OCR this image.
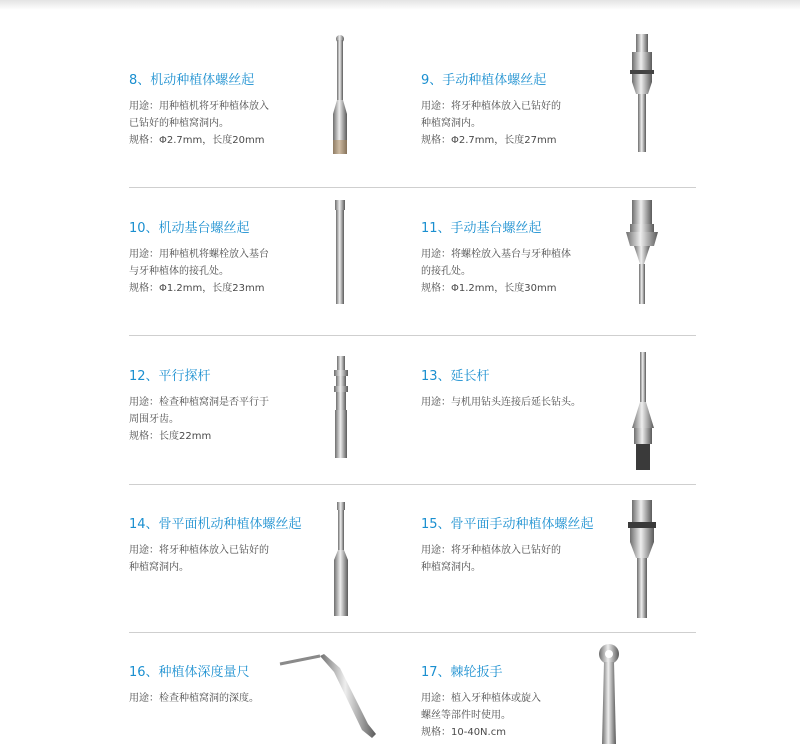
8、机动种植体螺丝起
用途：用种植机将牙种植体放入
已钻好的种植窝洞内。
规格：Φ2.7mm，长度20mm
9、手动种植体螺丝起
用途：将牙种植体放入已钻好的
种植窝洞内。
规格：Φ2.7mm，长度27mm
10、机动基台螺丝起
用途：用种植机将螺栓放入基台
与牙种植体的接孔处。
规格：Φ1.2mm，长度23mm
11、手动基台螺丝起
用途：将螺栓放入基台与牙种植体
的接孔处。
规格：Φ1.2mm，长度30mm
12、平行探杆
用途：检查种植窝洞是否平行于
周围牙齿。
规格：长度22mm
13、延长杆
用途：与机用钻头连接后延长钻头。
14、骨平面机动种植体螺丝起
用途：将牙种植体放入已钻好的
种植窝洞内。
15、骨平面手动种植体螺丝起
用途：将牙种植体放入已钻好的
种植窝洞内。
16、种植体深度量尺
用途：检查种植窝洞的深度。
17、棘轮扳手
用途：植入牙种植体或旋入
螺丝等部件时使用。
规格：10-40N.cm
